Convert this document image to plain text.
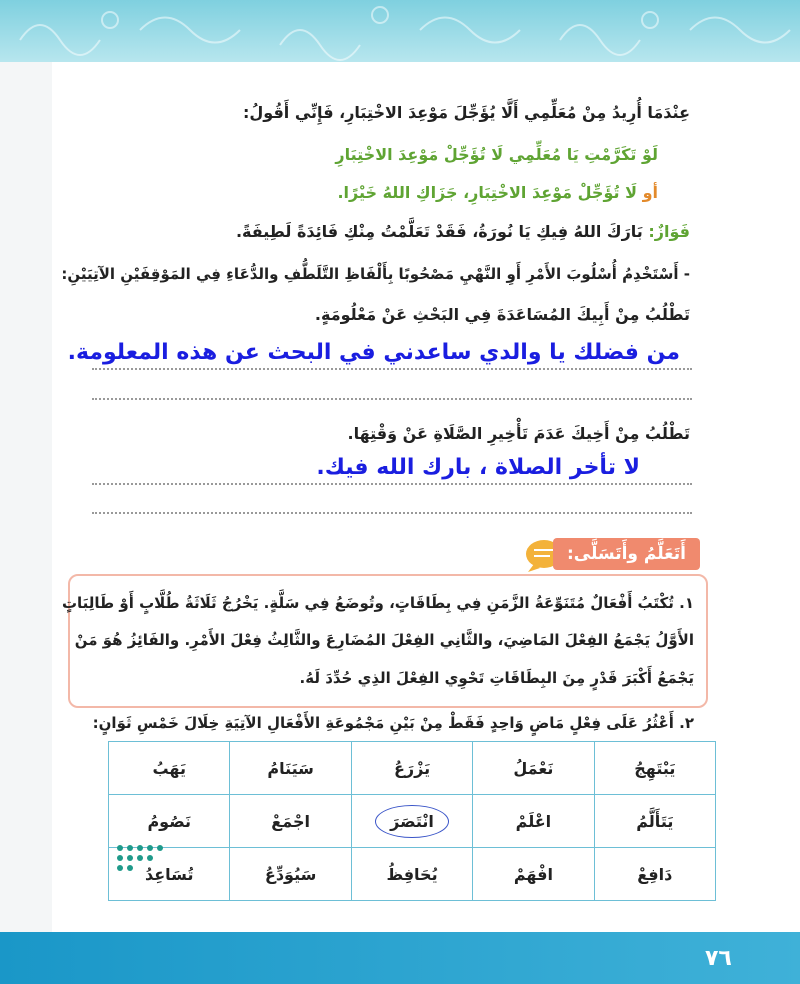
عِنْدَمَا أُرِيدُ مِنْ مُعَلِّمِي أَلَّا يُؤَجِّلَ مَوْعِدَ الاخْتِبَارِ، فَإِنِّي أَقُولُ:
لَوْ تَكَرَّمْتِ يَا مُعَلِّمِي لَا تُؤَجِّلْ مَوْعِدَ الاخْتِبَارِ
أو لَا تُؤَجِّلْ مَوْعِدَ الاخْتِبَارِ، جَزَاكِ اللهُ خَيْرًا.
فَوَازٌ: بَارَكَ اللهُ فِيكِ يَا نُورَةُ، فَقَدْ تَعَلَّمْتُ مِنْكِ فَائِدَةً لَطِيفَةً.
- أَسْتَخْدِمُ أُسْلُوبَ الأَمْرِ أَوِ النَّهْيِ مَصْحُوبًا بِأَلْفَاظِ التَّلَطُّفِ والدُّعَاءِ فِي المَوْقِفَيْنِ الآتِيَيْنِ:
تَطْلُبُ مِنْ أَبِيكَ المُسَاعَدَةَ فِي البَحْثِ عَنْ مَعْلُومَةٍ.
من فضلك يا والدي ساعدني في البحث عن هذه المعلومة.
تَطْلُبُ مِنْ أَخِيكَ عَدَمَ تَأْخِيرِ الصَّلَاةِ عَنْ وَقْتِهَا.
لا تأخر الصلاة ، بارك الله فيك.
أَتَعَلَّمُ وأَتَسَلَّى:
١. تُكْتَبُ أَفْعَالٌ مُتَنَوِّعَةُ الزَّمَنِ فِي بِطَاقَاتٍ، وتُوضَعُ فِي سَلَّةٍ. يَخْرُجُ ثَلَاثَةُ طُلَّابٍ أَوْ طَالِبَاتٍ
الأَوَّلُ يَجْمَعُ الفِعْلَ المَاضِيَ، والثَّانِي الفِعْلَ المُضَارِعَ والثَّالِثُ فِعْلَ الأَمْرِ. والفَائِزُ هُوَ مَنْ
يَجْمَعُ أَكْبَرَ قَدْرٍ مِنَ البِطَاقَاتِ تَحْوِي الفِعْلَ الذِي حُدِّدَ لَهُ.
٢. أَعْثُرُ عَلَى فِعْلٍ مَاضٍ وَاحِدٍ فَقَطْ مِنْ بَيْنِ مَجْمُوعَةِ الأَفْعَالِ الآتِيَةِ خِلَالَ خَمْسِ ثَوَانٍ:
يَبْتَهِجُ	نَعْمَلُ	يَزْرَعُ	سَيَنَامُ	يَهَبُ
يَتَأَلَّمُ	اعْلَمْ	انْتَصَرَ	اجْمَعْ	نَصُومُ
دَافِعْ	افْهَمْ	يُحَافِظُ	سَيُوَدِّعُ	تُسَاعِدُ
٧٦
